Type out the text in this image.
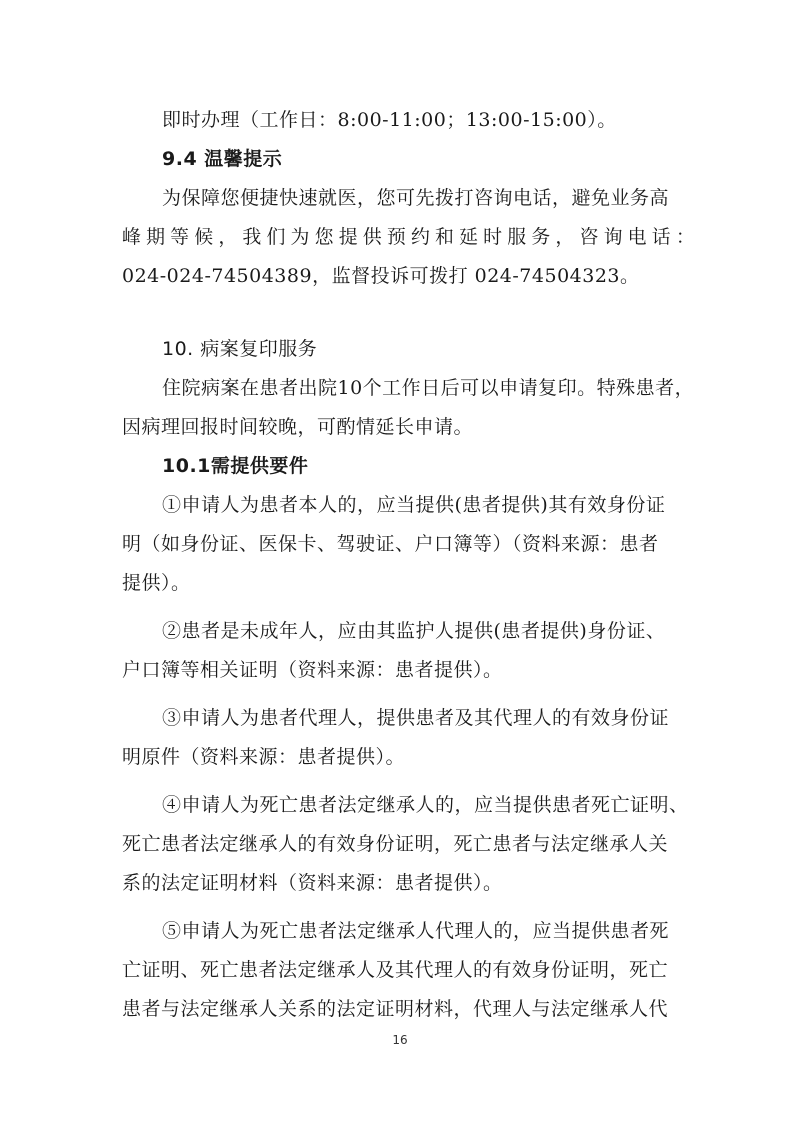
即时办理（工作日：8:00-11:00；13:00-15:00）。
9.4 温馨提示
为保障您便捷快速就医，您可先拨打咨询电话，避免业务高
峰期等候，我们为您提供预约和延时服务，咨询电话：
024-024-74504389，监督投诉可拨打 024-74504323。
10. 病案复印服务
住院病案在患者出院10个工作日后可以申请复印。特殊患者，
因病理回报时间较晚，可酌情延长申请。
10.1需提供要件
①申请人为患者本人的，应当提供(患者提供)其有效身份证
明（如身份证、医保卡、驾驶证、户口簿等）（资料来源：患者
提供）。
②患者是未成年人，应由其监护人提供(患者提供)身份证、
户口簿等相关证明（资料来源：患者提供）。
③申请人为患者代理人，提供患者及其代理人的有效身份证
明原件（资料来源：患者提供）。
④申请人为死亡患者法定继承人的，应当提供患者死亡证明、
死亡患者法定继承人的有效身份证明，死亡患者与法定继承人关
系的法定证明材料（资料来源：患者提供）。
⑤申请人为死亡患者法定继承人代理人的，应当提供患者死
亡证明、死亡患者法定继承人及其代理人的有效身份证明，死亡
患者与法定继承人关系的法定证明材料，代理人与法定继承人代
16
